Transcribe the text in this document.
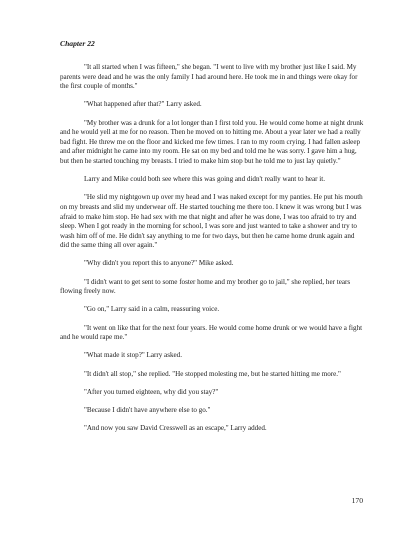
Chapter 22

"It all started when I was fifteen," she began. "I went to live with my brother just like I said. My parents were dead and he was the only family I had around here. He took me in and things were okay for the first couple of months."

"What happened after that?" Larry asked.

"My brother was a drunk for a lot longer than I first told you. He would come home at night drunk and he would yell at me for no reason. Then he moved on to hitting me. About a year later we had a really bad fight. He threw me on the floor and kicked me few times. I ran to my room crying. I had fallen asleep and after midnight he came into my room. He sat on my bed and told me he was sorry. I gave him a hug, but then he started touching my breasts. I tried to make him stop but he told me to just lay quietly."

Larry and Mike could both see where this was going and didn't really want to hear it.

"He slid my nightgown up over my head and I was naked except for my panties. He put his mouth on my breasts and slid my underwear off. He started touching me there too. I knew it was wrong but I was afraid to make him stop. He had sex with me that night and after he was done, I was too afraid to try and sleep. When I got ready in the morning for school, I was sore and just wanted to take a shower and try to wash him off of me. He didn't say anything to me for two days, but then he came home drunk again and did the same thing all over again."

"Why didn't you report this to anyone?" Mike asked.

"I didn't want to get sent to some foster home and my brother go to jail," she replied, her tears flowing freely now.

"Go on," Larry said in a calm, reassuring voice.

"It went on like that for the next four years. He would come home drunk or we would have a fight and he would rape me."

"What made it stop?" Larry asked.

"It didn't all stop," she replied. "He stopped molesting me, but he started hitting me more."

"After you turned eighteen, why did you stay?"

"Because I didn't have anywhere else to go."

"And now you saw David Cresswell as an escape," Larry added.

170
